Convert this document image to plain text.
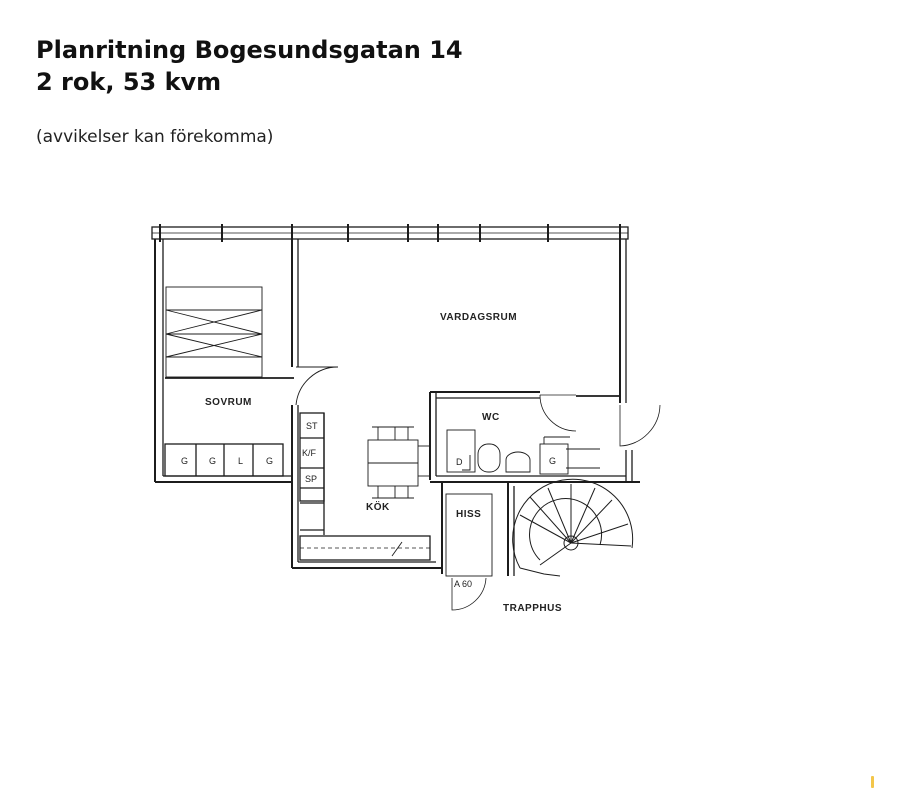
Planritning Bogesundsgatan 14
2 rok, 53 kvm
(avvikelser kan förekomma)
VARDAGSRUM
SOVRUM
KÖK
WC
HISS
TRAPPHUS
ST
K/F
SP
D
A 60
G G L	G	G
